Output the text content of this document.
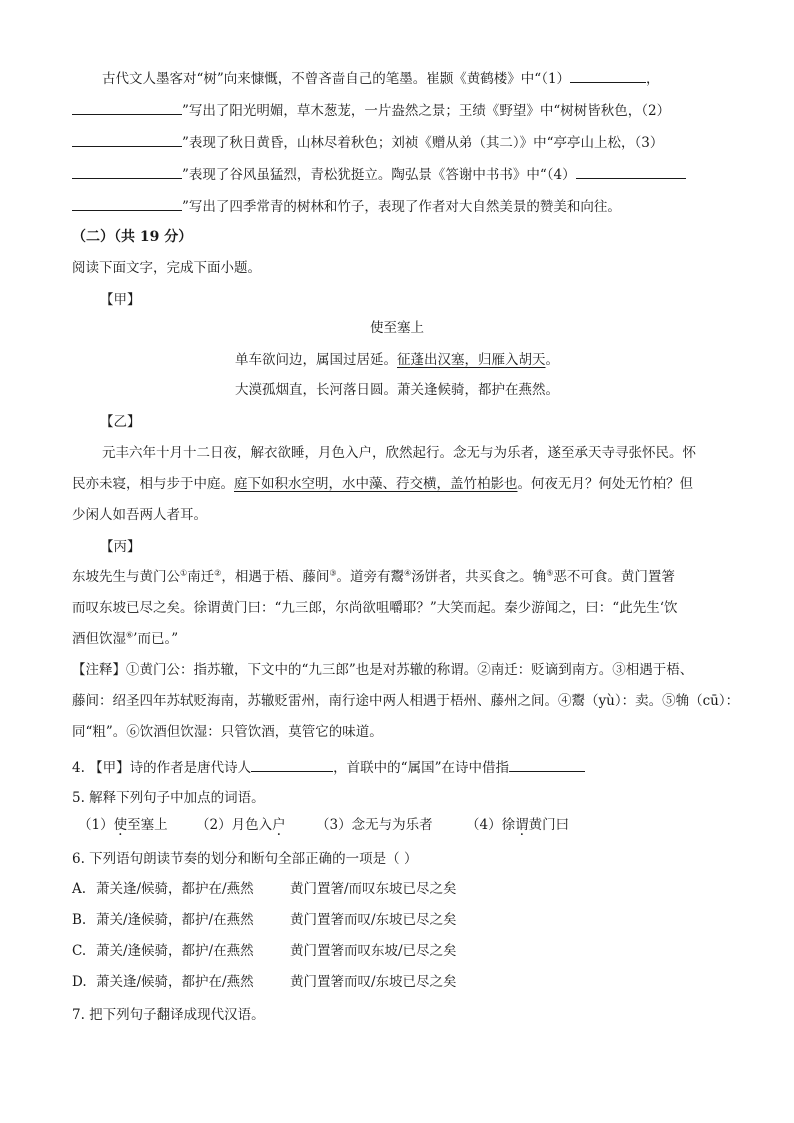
古代文人墨客对“树”向来慷慨，不曾吝啬自己的笔墨。崔颢《黄鹤楼》中“（1）	，
”写出了阳光明媚，草木葱茏，一片盎然之景；王绩《野望》中“树树皆秋色，（2）
”表现了秋日黄昏，山林尽着秋色；刘祯《赠从弟（其二）》中“亭亭山上松，（3）
”表现了谷风虽猛烈，青松犹挺立。陶弘景《答谢中书书》中“（4）
”写出了四季常青的树林和竹子，表现了作者对大自然美景的赞美和向往。
（二）（共 19 分）
阅读下面文字，完成下面小题。
【甲】
使至塞上
单车欲问边，属国过居延。征蓬出汉塞，归雁入胡天。
大漠孤烟直，长河落日圆。萧关逢候骑，都护在燕然。
【乙】
元丰六年十月十二日夜，解衣欲睡，月色入户，欣然起行。念无与为乐者，遂至承天寺寻张怀民。怀
民亦未寝，相与步于中庭。庭下如积水空明，水中藻、荇交横，盖竹柏影也。何夜无月？何处无竹柏？但
少闲人如吾两人者耳。
【丙】
东坡先生与黄门公①南迁②，相遇于梧、藤间③。道旁有鬻④汤饼者，共买食之。觕⑤恶不可食。黄门置箸
而叹东坡已尽之矣。徐谓黄门曰：“九三郎，尔尚欲咀嚼耶？”大笑而起。秦少游闻之，曰：“此先生‘饮
酒但饮湿⑥’而已。”
【注释】①黄门公：指苏辙，下文中的“九三郎”也是对苏辙的称谓。②南迁：贬谪到南方。③相遇于梧、
藤间：绍圣四年苏轼贬海南，苏辙贬雷州，南行途中两人相遇于梧州、藤州之间。④鬻（yù）：卖。⑤觕（cū）：
同“粗”。⑥饮酒但饮湿：只管饮酒，莫管它的味道。
4. 【甲】诗的作者是唐代诗人	，首联中的“属国”在诗中借指
5. 解释下列句子中加点的词语。
（1）使至塞上 （2）月色入户 （3）念无与为乐者 （4）徐谓黄门曰
6. 下列语句朗读节奏的划分和断句全部正确的一项是（ ）
A. 萧关逢/候骑，都护在/燕然	黄门置箸/而叹东坡已尽之矣
B. 萧关/逢候骑，都护/在燕然	黄门置箸而叹/东坡已尽之矣
C. 萧关/逢候骑，都护/在燕然	黄门置箸而叹东坡/已尽之矣
D. 萧关逢/候骑，都护在/燕然	黄门置箸而叹/东坡已尽之矣
7. 把下列句子翻译成现代汉语。
